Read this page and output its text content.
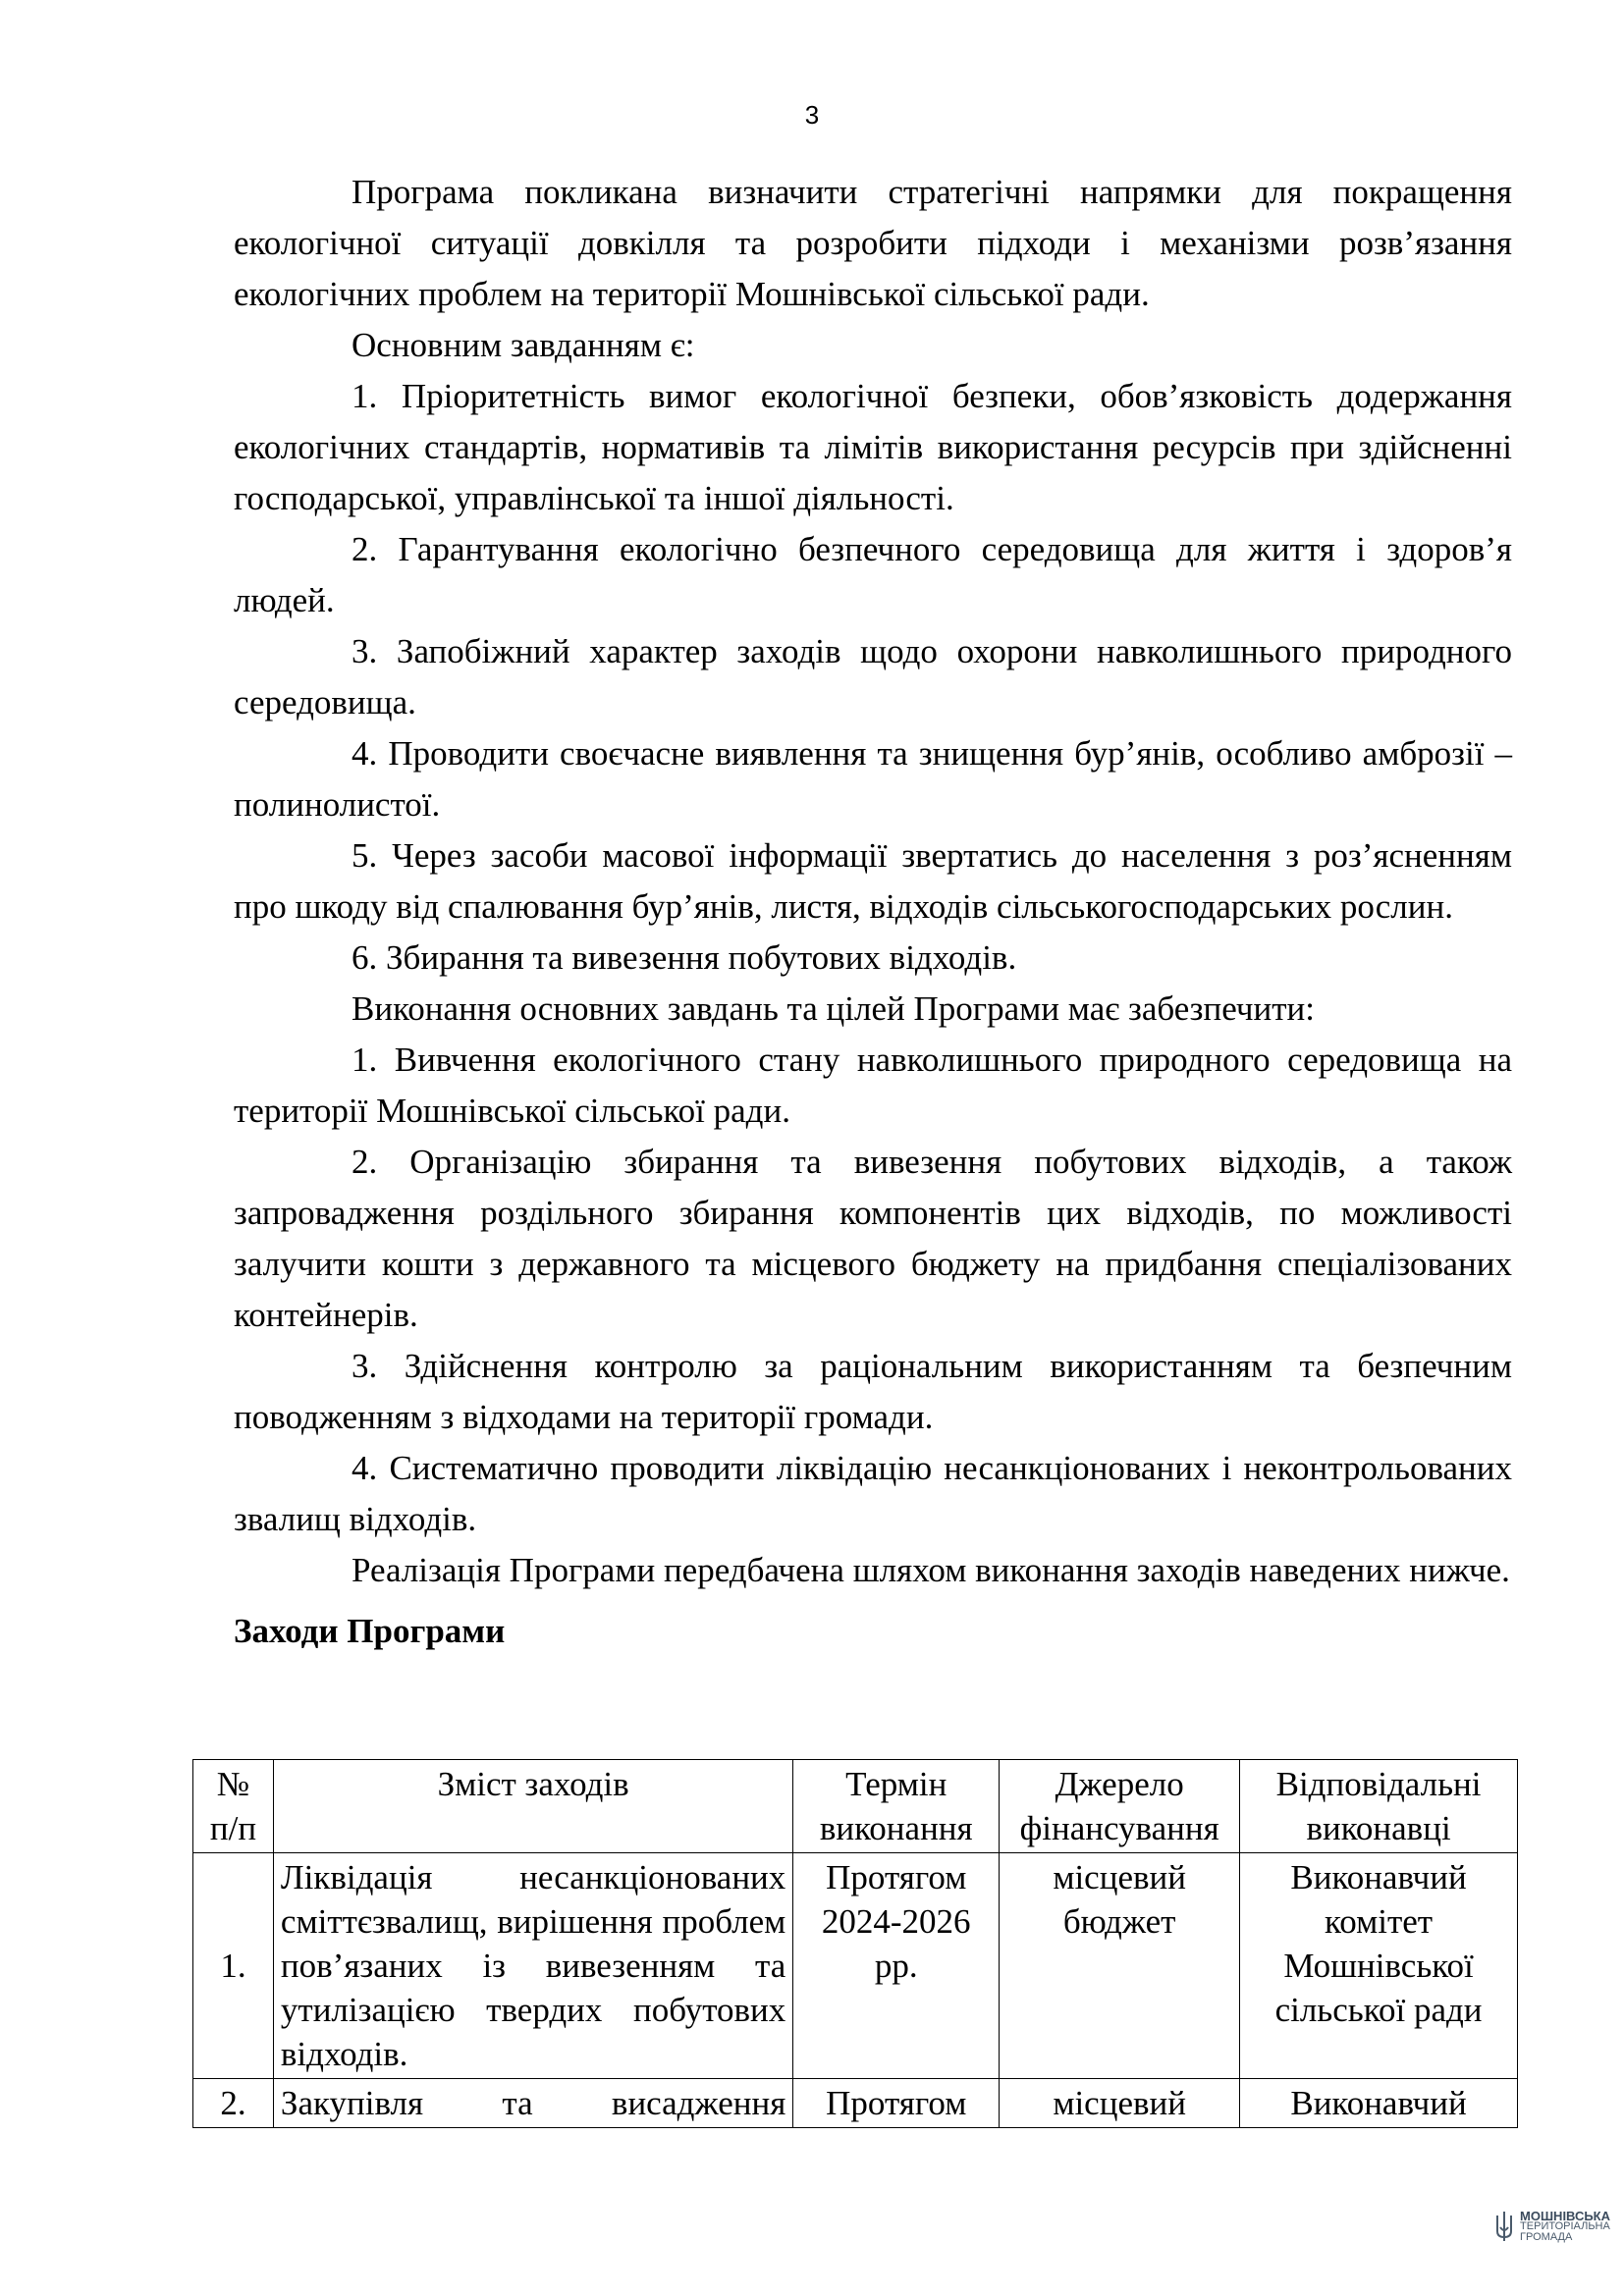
3

Програма покликана визначити стратегічні напрямки для покращення екологічної ситуації довкілля та розробити підходи і механізми розв’язання екологічних проблем на території Мошнівської сільської ради.

Основним завданням є:

1. Пріоритетність вимог екологічної безпеки, обов’язковість додержання екологічних стандартів, нормативів та лімітів використання ресурсів при здійсненні господарської, управлінської та іншої діяльності.

2. Гарантування екологічно безпечного середовища для життя і здоров’я людей.

3. Запобіжний характер заходів щодо охорони навколишнього природного середовища.

4. Проводити своєчасне виявлення та знищення бур’янів, особливо амброзії – полинолистої.

5. Через засоби масової інформації звертатись до населення з роз’ясненням про шкоду від спалювання бур’янів, листя, відходів сільськогосподарських рослин.

6. Збирання та вивезення побутових відходів.

Виконання основних завдань та цілей Програми має забезпечити:

1. Вивчення екологічного стану навколишнього природного середовища на території Мошнівської сільської ради.

2. Організацію збирання та вивезення побутових відходів, а також запровадження роздільного збирання компонентів цих відходів, по можливості залучити кошти з державного та місцевого бюджету на придбання спеціалізованих контейнерів.

3. Здійснення контролю за раціональним використанням та безпечним поводженням з відходами на території громади.

4. Систематично проводити ліквідацію несанкціонованих і неконтрольованих звалищ відходів.

Реалізація Програми передбачена шляхом виконання заходів наведених нижче.

Заходи Програми

№ п/п	Зміст заходів	Термін виконання	Джерело фінансування	Відповідальні виконавці
1.	Ліквідація несанкціонованих сміттєзвалищ, вирішення проблем пов’язаних із вивезенням та утилізацією твердих побутових відходів.	Протягом 2024-2026 рр.	місцевий бюджет	Виконавчий комітет Мошнівської сільської ради
2.	Закупівля та висадження	Протягом	місцевий	Виконавчий
МОШНІВСЬКА
ТЕРИТОРІАЛЬНА
ГРОМАДА
